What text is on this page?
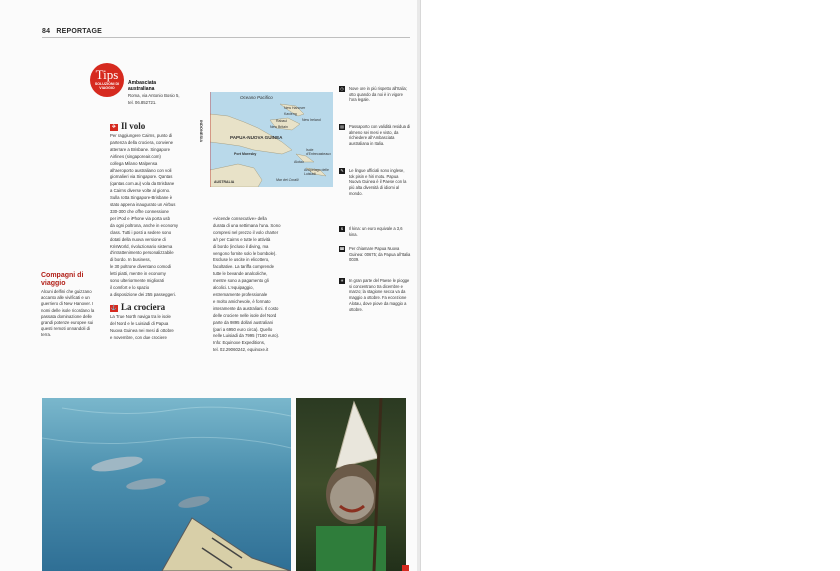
84 REPORTAGE
Tips
SOLUZIONI DI VIAGGIO
Ambasciata australiana
Roma, via Antonio Bosio 5,
tel. 06.852721.
✈ Il volo
Per raggiungere Cairns, punto di
partenza della crociera, conviene
atterrare a Brisbane. Singapore
Airlines (singaporeair.com)
collega Milano Malpensa
all'aeroporto australiano con voli
giornalieri via Singapore. Qantas
(qantas.com.au) vola da Brisbane
a Cairns diverse volte al giorno.
Sulla rotta Singapore-Brisbane è
stato appena inaugurato un Airbus
330-300 che offre connessione
per iPod e iPhone via porta usb
da ogni poltrona, anche in economy
class. Tutti i posti a sedere sono
dotati della nuova versione di
KrisWorld, rivoluzionario sistema
d'intrattenimento personalizzabile
di bordo. In business,
le 30 poltrone diventano comodi
letti piatti, mentre in economy
sono ulteriormente migliorati
il comfort e lo spazio
a disposizione dei 255 passeggeri.
⚓ La crociera
La True North naviga tra le isole
del Nord e le Luisiadi di Papua
Nuova Guinea nei mesi di ottobre
e novembre, con due crociere
«vicende consecutive» della
durata di una settimana l'una. Sono
compresi nel prezzo il volo charter
a/r per Cairns e tutte le attività
di bordo (incluso il diving, ma
vengono fornite solo le bombole).
Escluse le uscite in elicottero,
facoltative. La tariffa comprende
tutte le bevande analcoliche,
mentre sono a pagamento gli
alcolici. L'equipaggio,
estremamente professionale
e molto amichevole, è formato
interamente da australiani. Il costo
delle crociere nelle isole del Nord
parte da 9895 dollari australiani
(pari a 6950 euro circa). Quello
nelle Luisiadi da 7995 (7160 euro).
Info: Equinoxe Expeditions,
tel. 02.29060242, equinoxe.it
Oceano Pacifico
New Hanover
Kavieng
New Ireland
Rabaul
New Britain
PAPUA-NUOVA GUINEA
Isole d'Entrecasteaux
Port Moresby
Alotau
Arcipelago delle Luisiadi
AUSTRALIA	Mar dei Coralli
INDONESIA
Compagni di viaggio
Alcuni delfini che guizzano accanto alle vivificati e un guerriero di New Hanover. I nomi delle isole ricordano la passata dominazione delle grandi potenze europee sui questi remoti onnandoli di terra.
◷	Nove ore in più rispetto all'Italia; otto quando da noi è in vigore l'ora legale.
▤ Passaporto con validità residua di almeno sei mesi e visto, da richiedere all'Ambasciata australiana in Italia.
✎	Le lingue ufficiali sono inglese, tok pisin e hiri motu. Papua Nuova Guinea è il Paese con la più alta diversità di idiomi al mondo.
$	Il kina: un euro equivale a 3,6 kina.
☎ Per chiamare Papua Nuova Guinea: 00675; da Papua all'Italia 0039.
☀ In gran parte del Paese le piogge si concentrano tra dicembre e marzo; la stagione secca va da maggio a ottobre. Fa eccezione Alotau, dove piove da maggio a ottobre.
